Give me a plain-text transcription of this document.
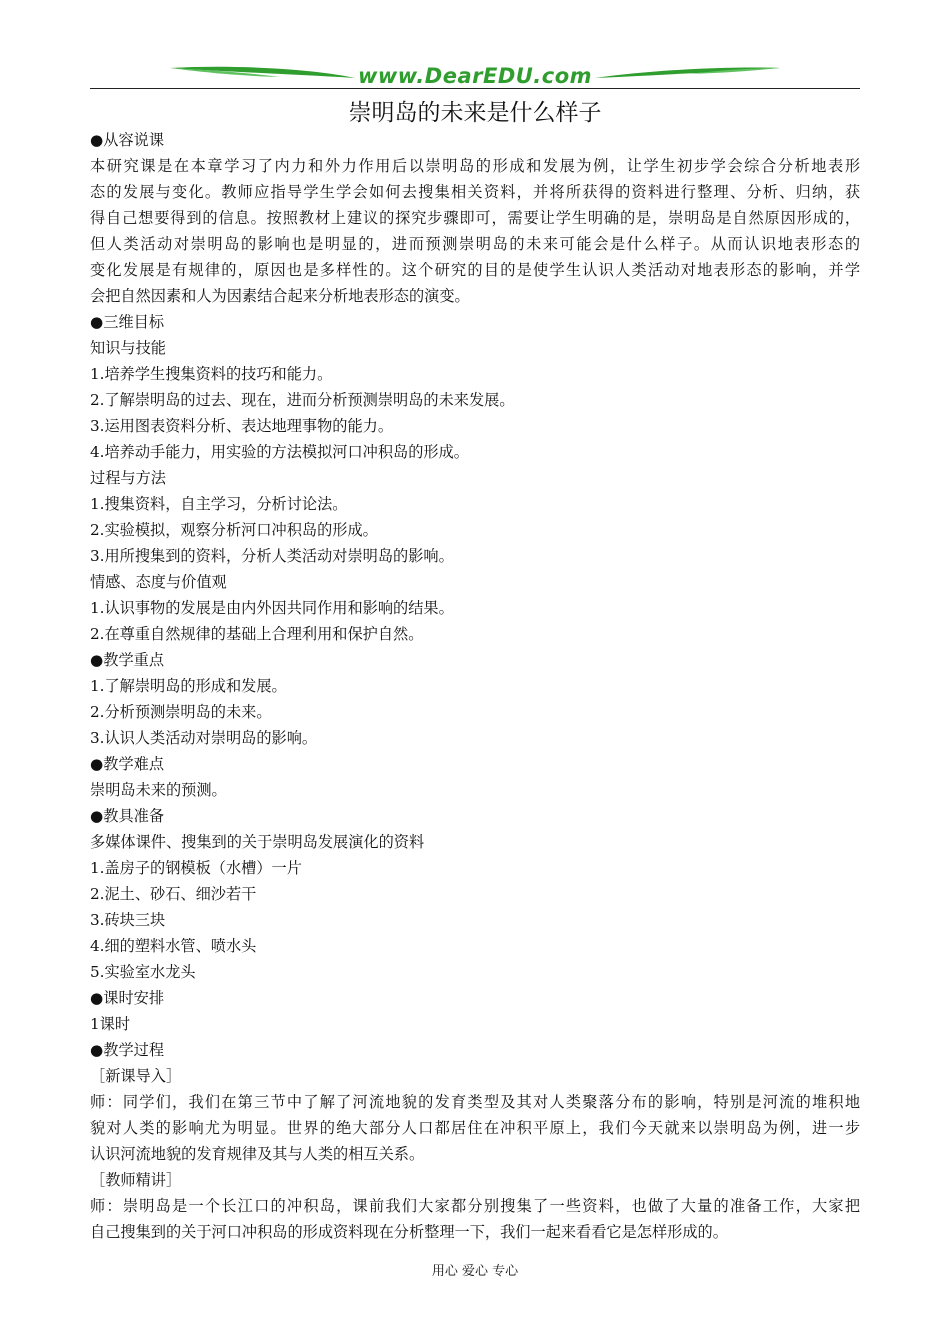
www.DearEDU.com
崇明岛的未来是什么样子
●从容说课
本研究课是在本章学习了内力和外力作用后以崇明岛的形成和发展为例，让学生初步学会综合分析地表形
态的发展与变化。教师应指导学生学会如何去搜集相关资料，并将所获得的资料进行整理、分析、归纳，获
得自己想要得到的信息。按照教材上建议的探究步骤即可，需要让学生明确的是，崇明岛是自然原因形成的，
但人类活动对崇明岛的影响也是明显的，进而预测崇明岛的未来可能会是什么样子。从而认识地表形态的
变化发展是有规律的，原因也是多样性的。这个研究的目的是使学生认识人类活动对地表形态的影响，并学
会把自然因素和人为因素结合起来分析地表形态的演变。
●三维目标
知识与技能
1.培养学生搜集资料的技巧和能力。
2.了解崇明岛的过去、现在，进而分析预测崇明岛的未来发展。
3.运用图表资料分析、表达地理事物的能力。
4.培养动手能力，用实验的方法模拟河口冲积岛的形成。
过程与方法
1.搜集资料，自主学习，分析讨论法。
2.实验模拟，观察分析河口冲积岛的形成。
3.用所搜集到的资料，分析人类活动对崇明岛的影响。
情感、态度与价值观
1.认识事物的发展是由内外因共同作用和影响的结果。
2.在尊重自然规律的基础上合理利用和保护自然。
●教学重点
1.了解崇明岛的形成和发展。
2.分析预测崇明岛的未来。
3.认识人类活动对崇明岛的影响。
●教学难点
崇明岛未来的预测。
●教具准备
多媒体课件、搜集到的关于崇明岛发展演化的资料
1.盖房子的钢模板（水槽）一片
2.泥土、砂石、细沙若干
3.砖块三块
4.细的塑料水管、喷水头
5.实验室水龙头
●课时安排
1课时
●教学过程
［新课导入］
师：同学们，我们在第三节中了解了河流地貌的发育类型及其对人类聚落分布的影响，特别是河流的堆积地
貌对人类的影响尤为明显。世界的绝大部分人口都居住在冲积平原上，我们今天就来以崇明岛为例，进一步
认识河流地貌的发育规律及其与人类的相互关系。
［教师精讲］
师：崇明岛是一个长江口的冲积岛，课前我们大家都分别搜集了一些资料，也做了大量的准备工作，大家把
自己搜集到的关于河口冲积岛的形成资料现在分析整理一下，我们一起来看看它是怎样形成的。
用心 爱心 专心
